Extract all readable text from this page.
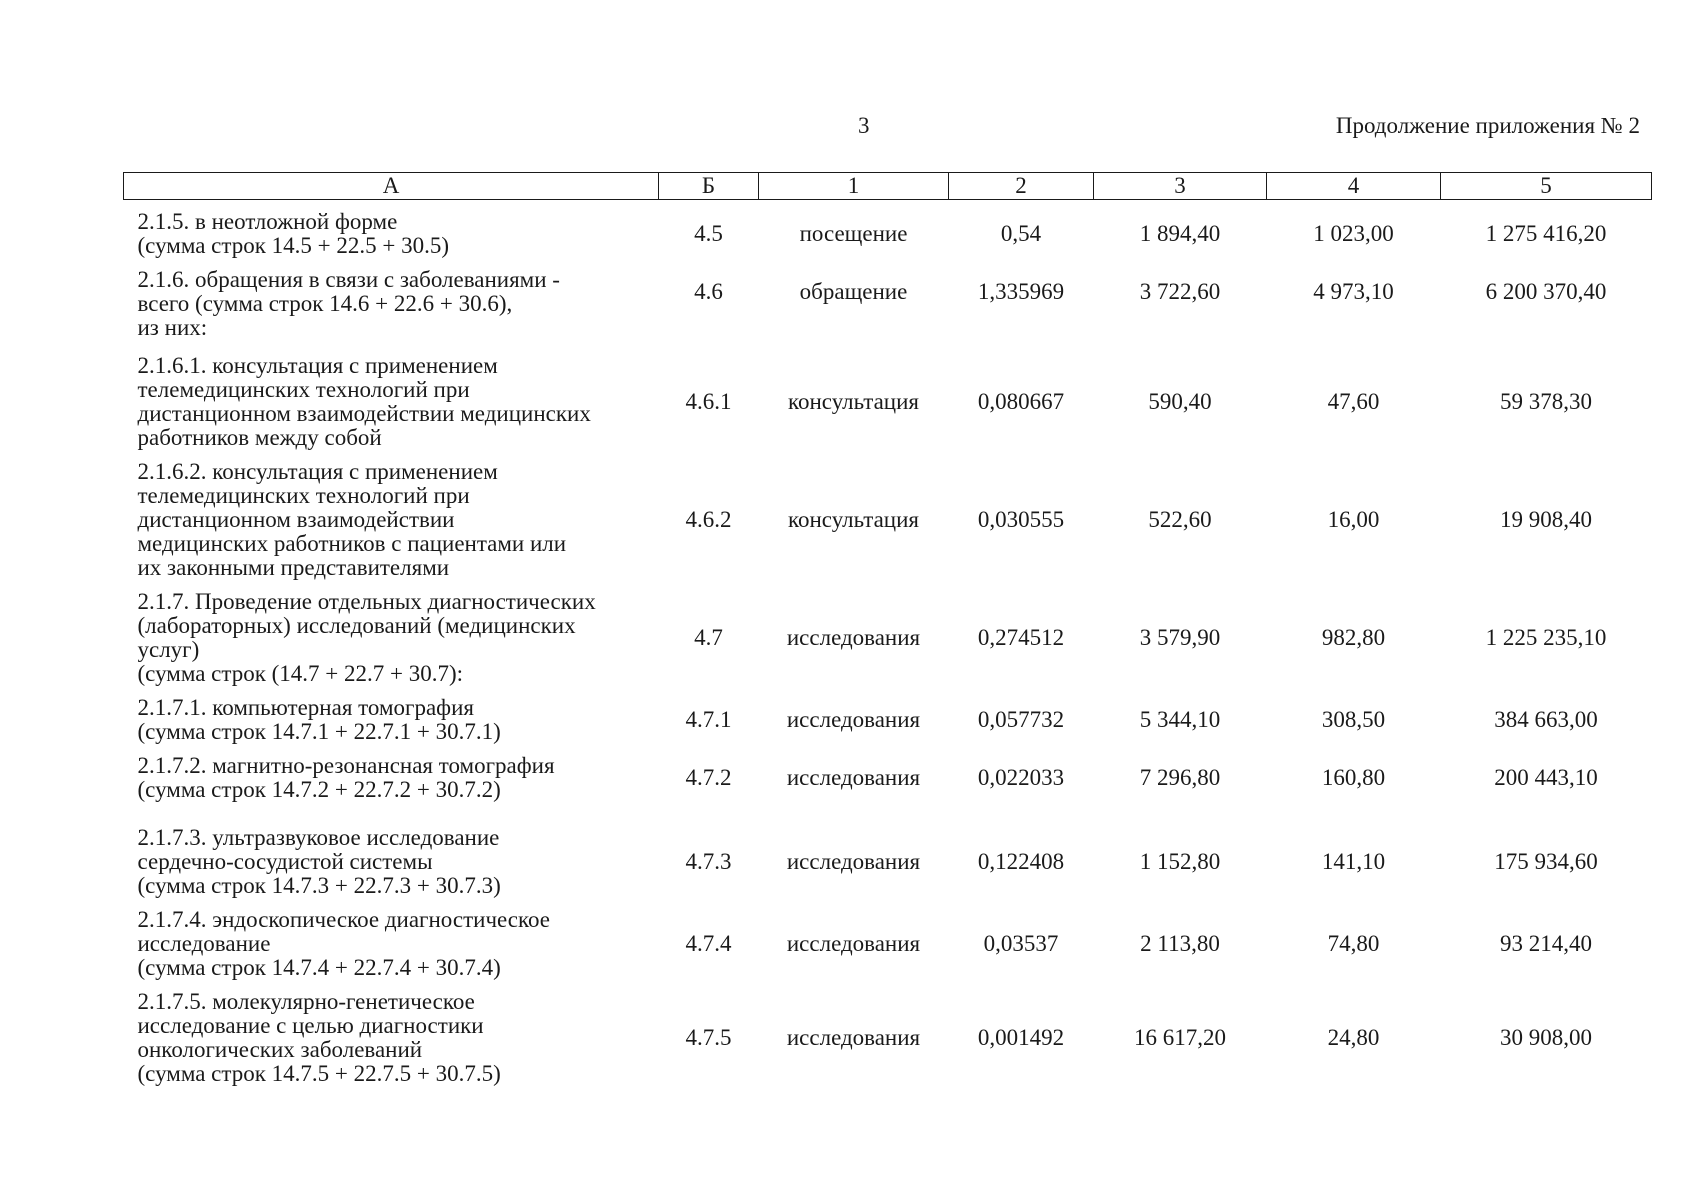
3	Продолжение приложения № 2
А	Б	1	2	3	4	5

2.1.5. в неотложной форме
(сумма строк 14.5 + 22.5 + 30.5)	4.5	посещение	0,54	1 894,40	1 023,00	1 275 416,20

2.1.6. обращения в связи с заболеваниями -
всего (сумма строк 14.6 + 22.6 + 30.6),	4.6	обращение	1,335969	3 722,60	4 973,10	6 200 370,40

из них:						

2.1.6.1. консультация с применением
телемедицинских технологий при
дистанционном взаимодействии медицинских
работников между собой	4.6.1	консультация	0,080667	590,40	47,60	59 378,30

2.1.6.2. консультация с применением
телемедицинских технологий при
дистанционном взаимодействии
медицинских работников с пациентами или
их законными представителями	4.6.2	консультация	0,030555	522,60	16,00	19 908,40

2.1.7. Проведение отдельных диагностических
(лабораторных) исследований (медицинских
услуг)
(сумма строк (14.7 + 22.7 + 30.7):	4.7	исследования	0,274512	3 579,90	982,80	1 225 235,10

2.1.7.1. компьютерная томография
(сумма строк 14.7.1 + 22.7.1 + 30.7.1)	4.7.1	исследования	0,057732	5 344,10	308,50	384 663,00

2.1.7.2. магнитно-резонансная томография
(сумма строк 14.7.2 + 22.7.2 + 30.7.2)	4.7.2	исследования	0,022033	7 296,80	160,80	200 443,10

2.1.7.3. ультразвуковое исследование
сердечно-сосудистой системы
(сумма строк 14.7.3 + 22.7.3 + 30.7.3)	4.7.3	исследования	0,122408	1 152,80	141,10	175 934,60

2.1.7.4. эндоскопическое диагностическое
исследование
(сумма строк 14.7.4 + 22.7.4 + 30.7.4)	4.7.4	исследования	0,03537	2 113,80	74,80	93 214,40

2.1.7.5. молекулярно-генетическое
исследование с целью диагностики
онкологических заболеваний
(сумма строк 14.7.5 + 22.7.5 + 30.7.5)	4.7.5	исследования	0,001492	16 617,20	24,80	30 908,00
